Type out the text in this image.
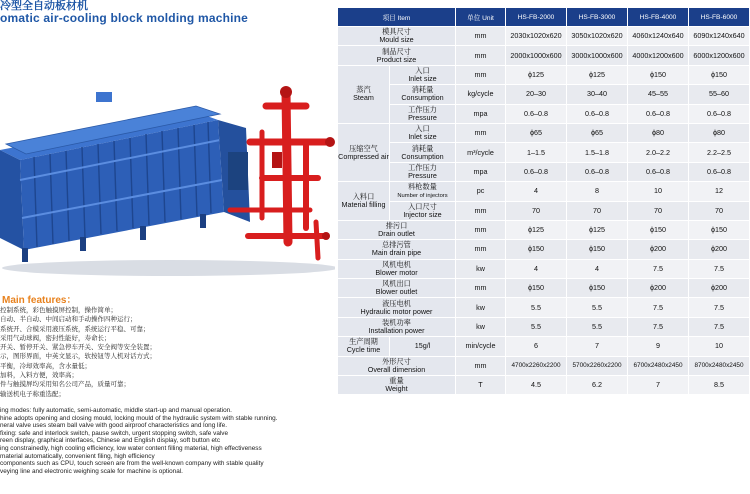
冷型全自动板材机
omatic air-cooling block molding machine
Main features：
控制系统，彩色触摸屏控制，操作简单；
自动、半自动、中间启动和手动操作四种运行；
系统开、合模采用液压系统，系统运行平稳、可靠；
采用气动球阀，密封性能好，寿命长；
开关、暂停开关、紧急停车开关、安全阀等安全装置；
示，图形界面，中英文显示，软按钮等人机对话方式；
平衡，冷却效率高，含水量低；
加料，入料方便，效率高；
件与触摸屏均采用知名公司产品，质量可靠；
输送机电子称重选配；
ing modes: fully automatic, semi-automatic, middle start-up and manual operation.
hine adopts opening and closing mould, locking mould of the hydraulic system with stable running.
neral valve uses steam ball valve with good airproof characteristics and long life.
fixing: safe and interlock switch, pause switch, urgent stopping switch, safe valve
reen display, graphical interfaces, Chinese and English display, soft button etc
ing constrainedly, high cooling efficiency, low water content filling material, high effectiveness
material automatically, convenient filing, high efficiency
components such as CPU, touch screen are from the well-known company with stable quality
veying line and electronic weighing scale for machine is optional.
项目 Item		单位 Unit	HS-FB-2000	HS-FB-3000	HS-FB-4000	HS-FB-6000
模具尺寸
Mould size		mm	2030x1020x620	3050x1020x620	4060x1240x640	6090x1240x640
制品尺寸
Product size		mm	2000x1000x600	3000x1000x600	4000x1200x600	6000x1200x600
蒸汽
Steam	入口
Inlet size	mm	ϕ125	ϕ125	ϕ150	ϕ150
	消耗量
Consumption	kg/cycle	20–30	30–40	45–55	55–60
	工作压力
Pressure	mpa	0.6–0.8	0.6–0.8	0.6–0.8	0.6–0.8
压缩空气
Compressed air	入口
Inlet size	mm	ϕ65	ϕ65	ϕ80	ϕ80
	消耗量
Consumption	m³/cycle	1–1.5	1.5–1.8	2.0–2.2	2.2–2.5
	工作压力
Pressure	mpa	0.6–0.8	0.6–0.8	0.6–0.8	0.6–0.8
入料口
Material filling	料枪数量
Number of injectors	pc	4	8	10	12
	入口尺寸
Injector size	mm	70	70	70	70
排污口
Drain outlet		mm	ϕ125	ϕ125	ϕ150	ϕ150
总排污管
Main drain pipe		mm	ϕ150	ϕ150	ϕ200	ϕ200
风机电机
Blower motor		kw	4	4	7.5	7.5
风机出口
Blower outlet		mm	ϕ150	ϕ150	ϕ200	ϕ200
液压电机
Hydraulic motor power		kw	5.5	5.5	7.5	7.5
装机功率
Installation power		kw	5.5	5.5	7.5	7.5
生产周期
Cycle time	15g/l	min/cycle	6	7	9	10
外形尺寸
Overall dimension		mm	4700x2260x2200	5700x2260x2200	6700x2480x2450	8700x2480x2450
重量
Weight		T	4.5	6.2	7	8.5
